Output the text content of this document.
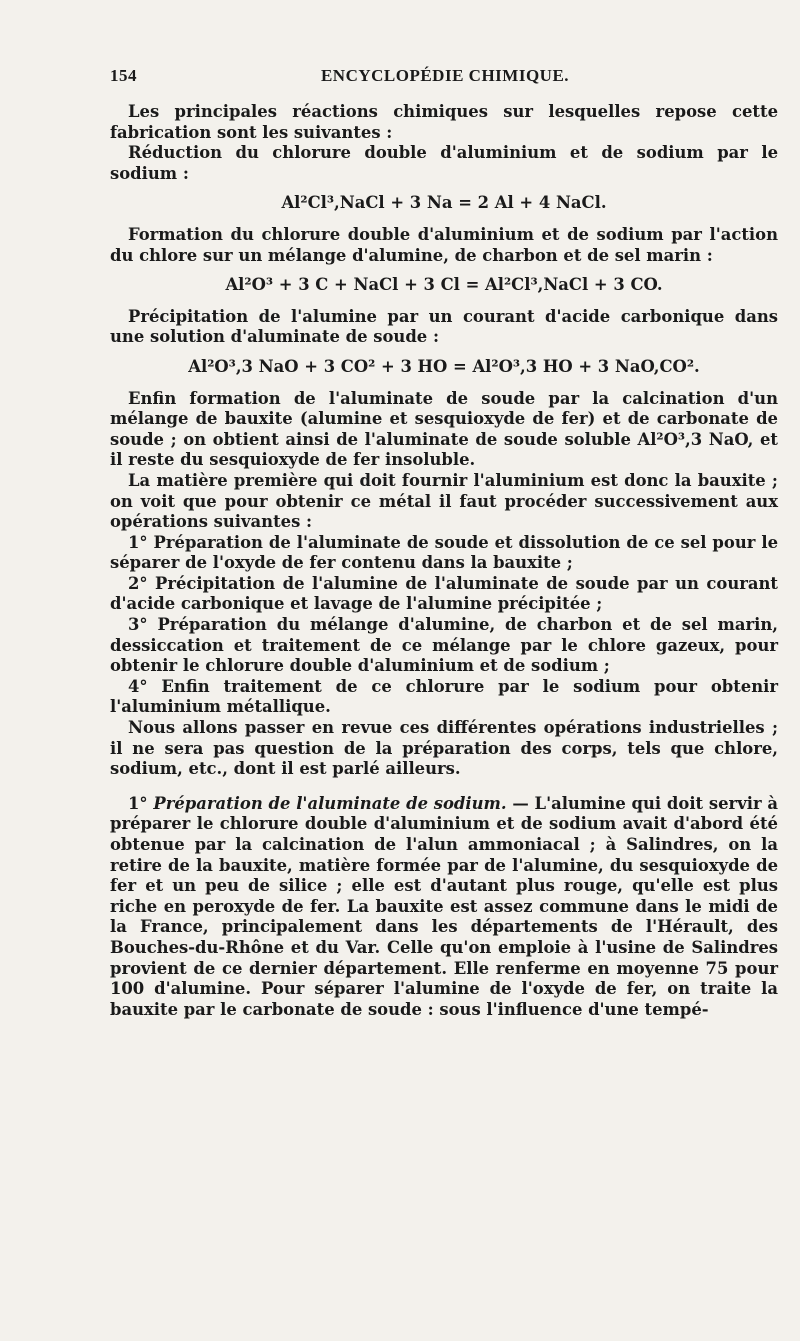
154	ENCYCLOPÉDIE CHIMIQUE.

Les principales réactions chimiques sur lesquelles repose cette fabrication sont les suivantes :

Réduction du chlorure double d'aluminium et de sodium par le sodium :

Al²Cl³,NaCl + 3 Na = 2 Al + 4 NaCl.

Formation du chlorure double d'aluminium et de sodium par l'action du chlore sur un mélange d'alumine, de charbon et de sel marin :

Al²O³ + 3 C + NaCl + 3 Cl = Al²Cl³,NaCl + 3 CO.

Précipitation de l'alumine par un courant d'acide carbonique dans une solution d'aluminate de soude :

Al²O³,3 NaO + 3 CO² + 3 HO = Al²O³,3 HO + 3 NaO,CO².

Enfin formation de l'aluminate de soude par la calcination d'un mélange de bauxite (alumine et sesquioxyde de fer) et de carbonate de soude ; on obtient ainsi de l'aluminate de soude soluble Al²O³,3 NaO, et il reste du sesquioxyde de fer insoluble.

La matière première qui doit fournir l'aluminium est donc la bauxite ; on voit que pour obtenir ce métal il faut procéder successivement aux opérations suivantes :

1° Préparation de l'aluminate de soude et dissolution de ce sel pour le séparer de l'oxyde de fer contenu dans la bauxite ;

2° Précipitation de l'alumine de l'aluminate de soude par un courant d'acide carbonique et lavage de l'alumine précipitée ;

3° Préparation du mélange d'alumine, de charbon et de sel marin, dessiccation et traitement de ce mélange par le chlore gazeux, pour obtenir le chlorure double d'aluminium et de sodium ;

4° Enfin traitement de ce chlorure par le sodium pour obtenir l'aluminium métallique.

Nous allons passer en revue ces différentes opérations industrielles ; il ne sera pas question de la préparation des corps, tels que chlore, sodium, etc., dont il est parlé ailleurs.

1° Préparation de l'aluminate de sodium. — L'alumine qui doit servir à préparer le chlorure double d'aluminium et de sodium avait d'abord été obtenue par la calcination de l'alun ammoniacal ; à Salindres, on la retire de la bauxite, matière formée par de l'alumine, du sesquioxyde de fer et un peu de silice ; elle est d'autant plus rouge, qu'elle est plus riche en peroxyde de fer. La bauxite est assez commune dans le midi de la France, principalement dans les départements de l'Hérault, des Bouches-du-Rhône et du Var. Celle qu'on emploie à l'usine de Salindres provient de ce dernier département. Elle renferme en moyenne 75 pour 100 d'alumine. Pour séparer l'alumine de l'oxyde de fer, on traite la bauxite par le carbonate de soude : sous l'influence d'une tempé-
